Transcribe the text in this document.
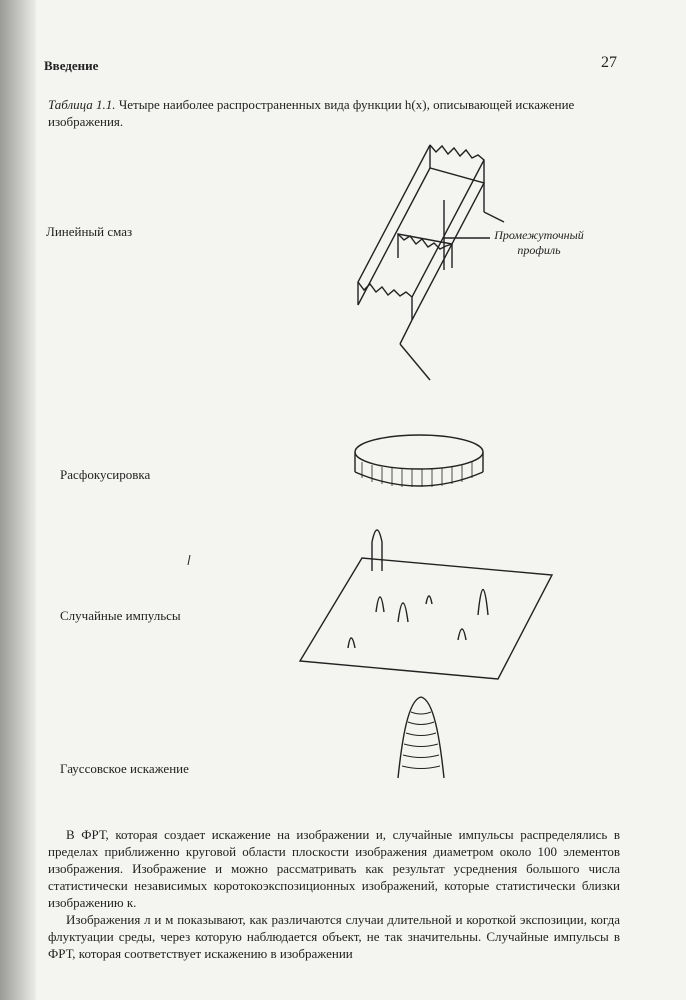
Введение	27

Таблица 1.1. Четыре наиболее распространенных вида функции h(x), описывающей искажение изображения.

Линейный смаз

Расфокусировка

Случайные импульсы

Гауссовское искажение

Промежуточный профиль

В ФРТ, которая создает искажение на изображении и, случайные импульсы распределялись в пределах приближенно круговой области плоскости изображения диаметром около 100 элементов изображения. Изображение и можно рассматривать как результат усреднения большого числа статистически независимых коротокоэкспозиционных изображений, которые статистически близки изображению к.

Изображения л и м показывают, как различаются случаи длительной и короткой экспозиции, когда флуктуации среды, через которую наблюдается объект, не так значительны. Случайные импульсы в ФРТ, которая соответствует искажению в изображении
